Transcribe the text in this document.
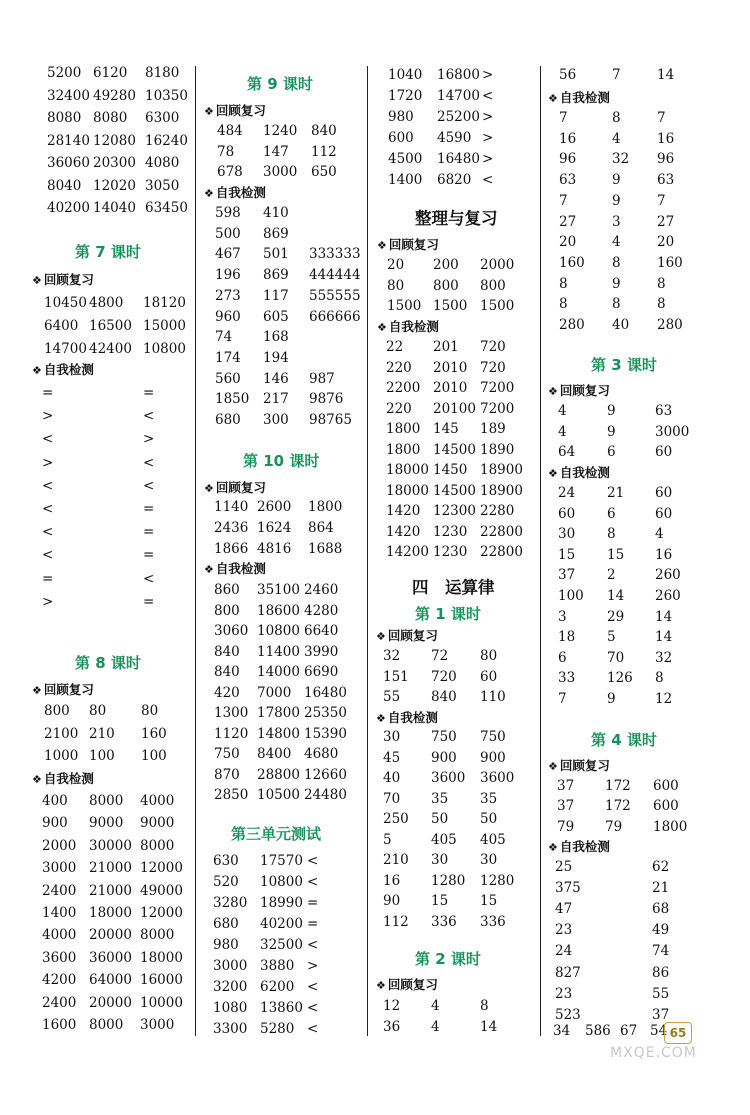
5200 6120 8180
32400 49280 10350
8080 8080 6300
28140 12080 16240
36060 20300 4080
8040 12020 3050
40200 14040 63450
第 7 课时
❖ 回顾复习
10450 4800 18120
6400 16500 15000
14700 42400 10800
❖ 自我检测
=	=
>	<
<	>
>	<
<	<
<	=
<	=
<	=
=	<
>	=
第 8 课时
❖ 回顾复习
800 80	80
2100 210 160
1000 100 100
❖ 自我检测
400 8000 4000
900 9000 9000
2000 30000 8000
3000 21000 12000
2400 21000 49000
1400 18000 12000
4000 20000 8000
3600 36000 18000
4200 64000 16000
2400 20000 10000
1600 8000 3000
第 9 课时
❖ 回顾复习
484 1240 840
78 147 112
678 3000 650
❖ 自我检测
598 410
500 869
467 501 333333
196 869 444444
273 117 555555
960 605 666666
74 168
174 194
560 146 987
1850 217 9876
680 300 98765
第 10 课时
❖ 回顾复习
1140 2600 1800
2436 1624 864
1866 4816 1688
❖ 自我检测
860 35100 2460
800 18600 4280
3060 10800 6640
840 11400 3990
840 14000 6690
420 7000 16480
1300 17800 25350
1120 14800 15390
750 8400 4680
870 28800 12660
2850 10500 24480
第三单元测试
630 17570 <
520 10800 <
3280 18990 =
680 40200 =
980 32500 <
3000 3880 >
3200 6200 <
1080 13860 <
3300 5280 <
1040 16800 >
1720 14700 <
980 25200 >
600 4590 >
4500 16480 >
1400 6820 <
整理与复习
❖ 回顾复习
20 200 2000
80 800 800
1500 1500 1500
❖ 自我检测
22 201 720
220 2010 720
2200 2010 7200
220 20100 7200
1800 145 189
1800 14500 1890
18000 1450 18900
18000 14500 18900
1420 12300 2280
1420 1230 22800
14200 1230 22800
四　运算律
第 1 课时
❖ 回顾复习
32 72 80
151 720 60
55 840 110
❖ 自我检测
30 750 750
45 900 900
40 3600 3600
70 35 35
250 50 50
5	405 405
210 30 30
16 1280 1280
90 15 15
112 336 336
第 2 课时
❖ 回顾复习
12 4	8
36 4	14
56	7	14
❖ 自我检测
7	8	7
16	4	16
96	32 96
63	9	63
7	9	7
27	3	27
20	4	20
160 8	160
8	9	8
8	8	8
280 40 280
第 3 课时
❖ 回顾复习
4	9	63
4	9	3000
64 6	60
❖ 自我检测
24 21 60
60 6	60
30 8	4
15 15 16
37 2	260
100 14 260
3	29 14
18 5	14
6	70 32
33 126 8
7	9	12
第 4 课时
❖ 回顾复习
37 172 600
37 172 600
79 79 1800
❖ 自我检测
25	62
375	21
47	68
23	49
24	74
827	86
23	55
523	37
34 586 67 54 65
MXQE.COM
